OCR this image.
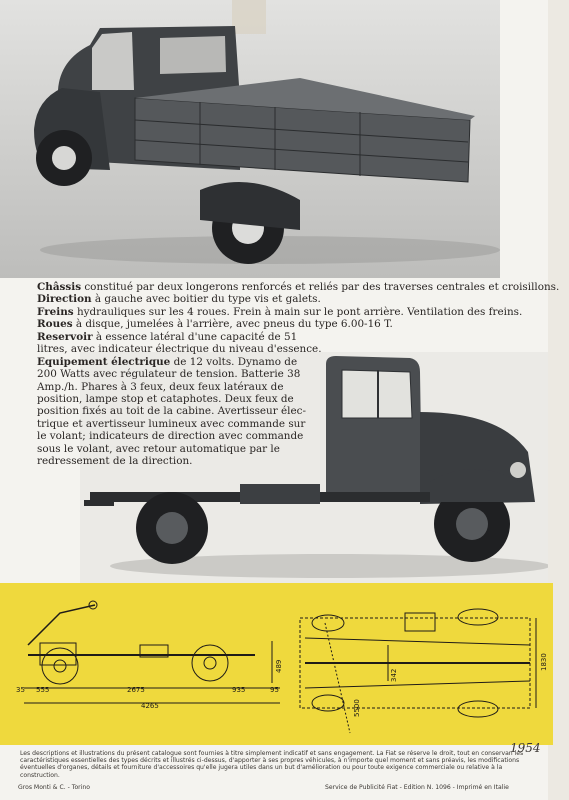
Châssis constitué par deux longerons renforcés et reliés par des traverses centrales et croisillons.
Direction à gauche avec boitier du type vis et galets.
Freins hydrauliques sur les 4 roues. Frein à main sur le pont arrière. Ventilation des freins.
Roues à disque, jumelées à l'arrière, avec pneus du type 6.00-16 T.
Reservoir à essence latéral d'une capacité de 51
litres, avec indicateur électrique du niveau d'essence.
Equipement électrique de 12 volts. Dynamo de
200 Watts avec régulateur de tension. Batterie 38
Amp./h. Phares à 3 feux, deux feux latéraux de
position, lampe stop et cataphotes. Deux feux de
position fixés au toit de la cabine. Avertisseur élec-
trique et avertisseur lumineux avec commande sur
le volant; indicateurs de direction avec commande
sous le volant, avec retour automatique par le
redressement de la direction.
35 555	2675	935	95
4265
489	1830
342
5500
1954
Les descriptions et illustrations du présent catalogue sont fournies à titre simplement indicatif et sans engagement. La Fiat se réserve le droit, tout en conservan les caractéristiques essentielles des types décrits et illustrés ci-dessus, d'apporter à ses propres véhicules, à n'importe quel moment et sans préavis, les modifications éventuelles d'organes, détails et fourniture d'accessoires qu'elle jugera utiles dans un but d'amélioration ou pour toute exigence commerciale ou relative à la construction.
Gros Monti & C. - Torino	Service de Publicité Fiat - Edition N. 1096 - Imprimé en Italie
